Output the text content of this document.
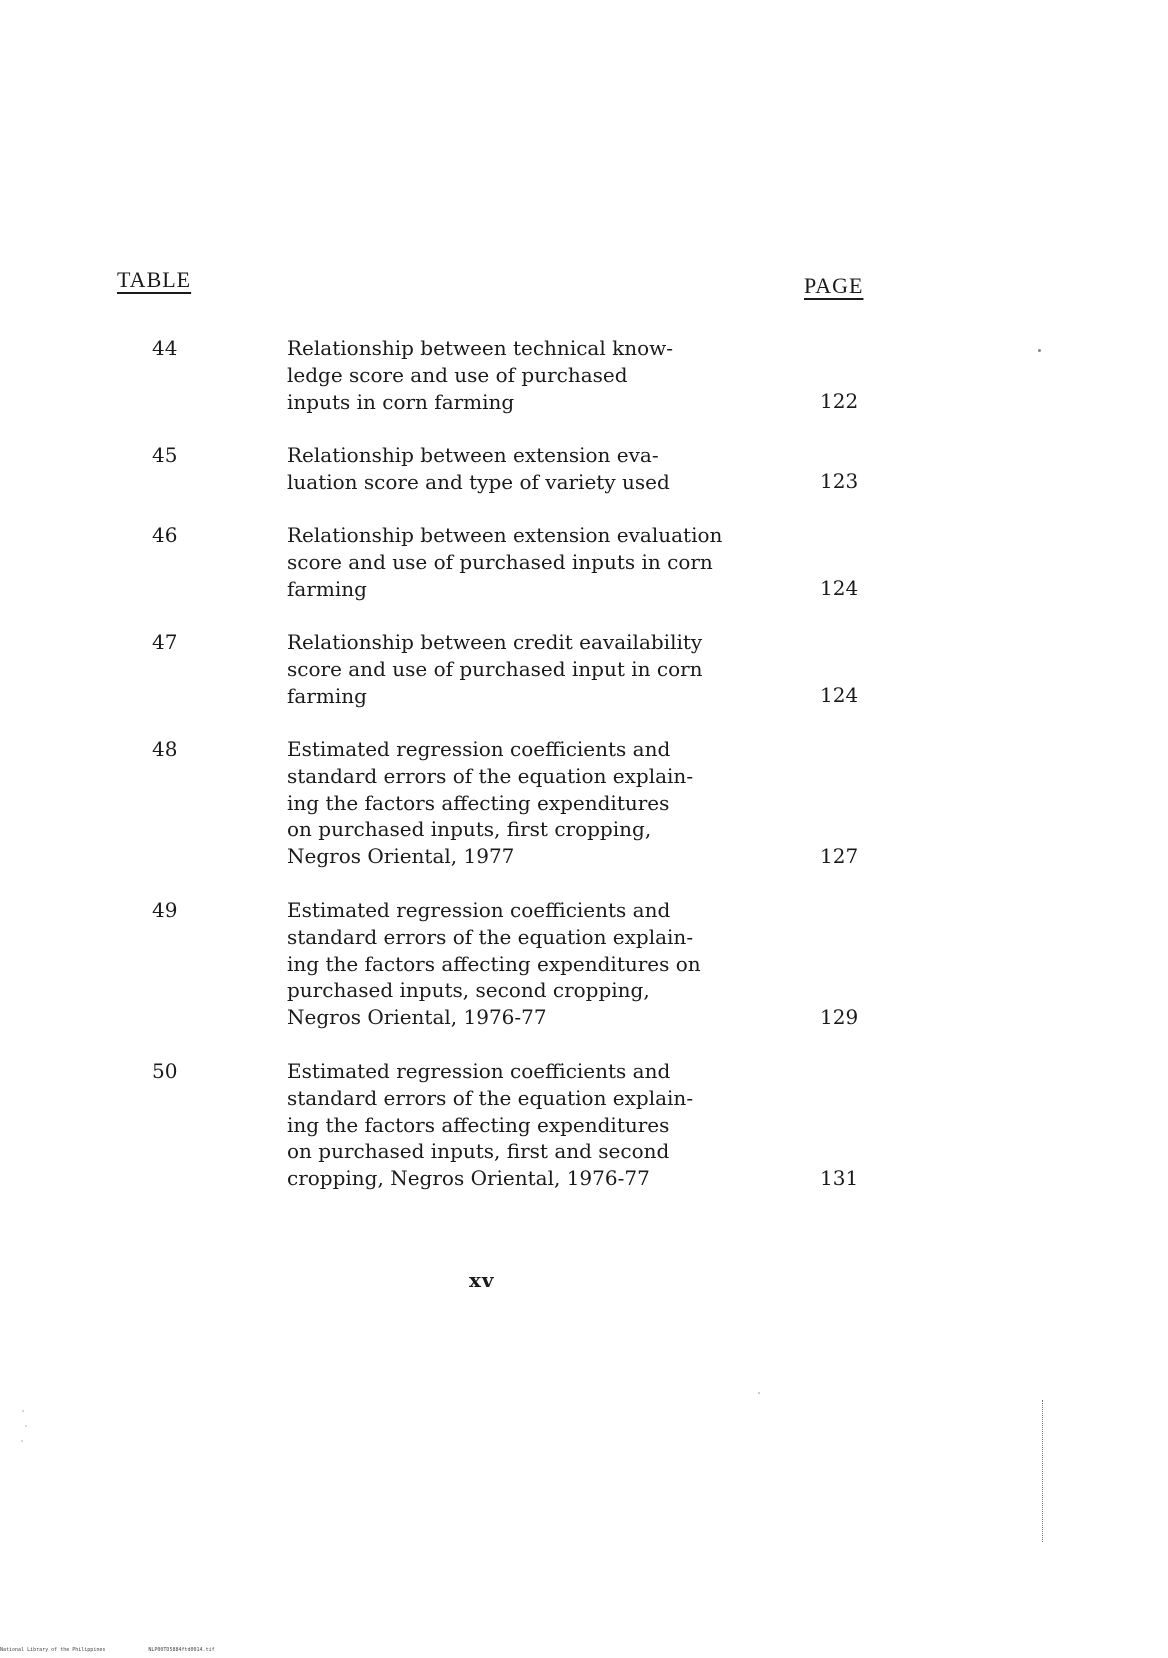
TABLE	PAGE
44	Relationship between technical know-
ledge score and use of purchased
inputs in corn farming	122
45	Relationship between extension eva-
luation score and type of variety used	123
46	Relationship between extension evaluation
score and use of purchased inputs in corn
farming	124
47	Relationship between credit eavailability
score and use of purchased input in corn
farming	124
48	Estimated regression coefficients and
standard errors of the equation explain-
ing the factors affecting expenditures
on purchased inputs, first cropping,
Negros Oriental, 1977	127
49	Estimated regression coefficients and
standard errors of the equation explain-
ing the factors affecting expenditures on
purchased inputs, second cropping,
Negros Oriental, 1976-77	129
50	Estimated regression coefficients and
standard errors of the equation explain-
ing the factors affecting expenditures
on purchased inputs, first and second
cropping, Negros Oriental, 1976-77	131
xv
National Library of the Philippines	NLP00TD5884ftd0014.tif
